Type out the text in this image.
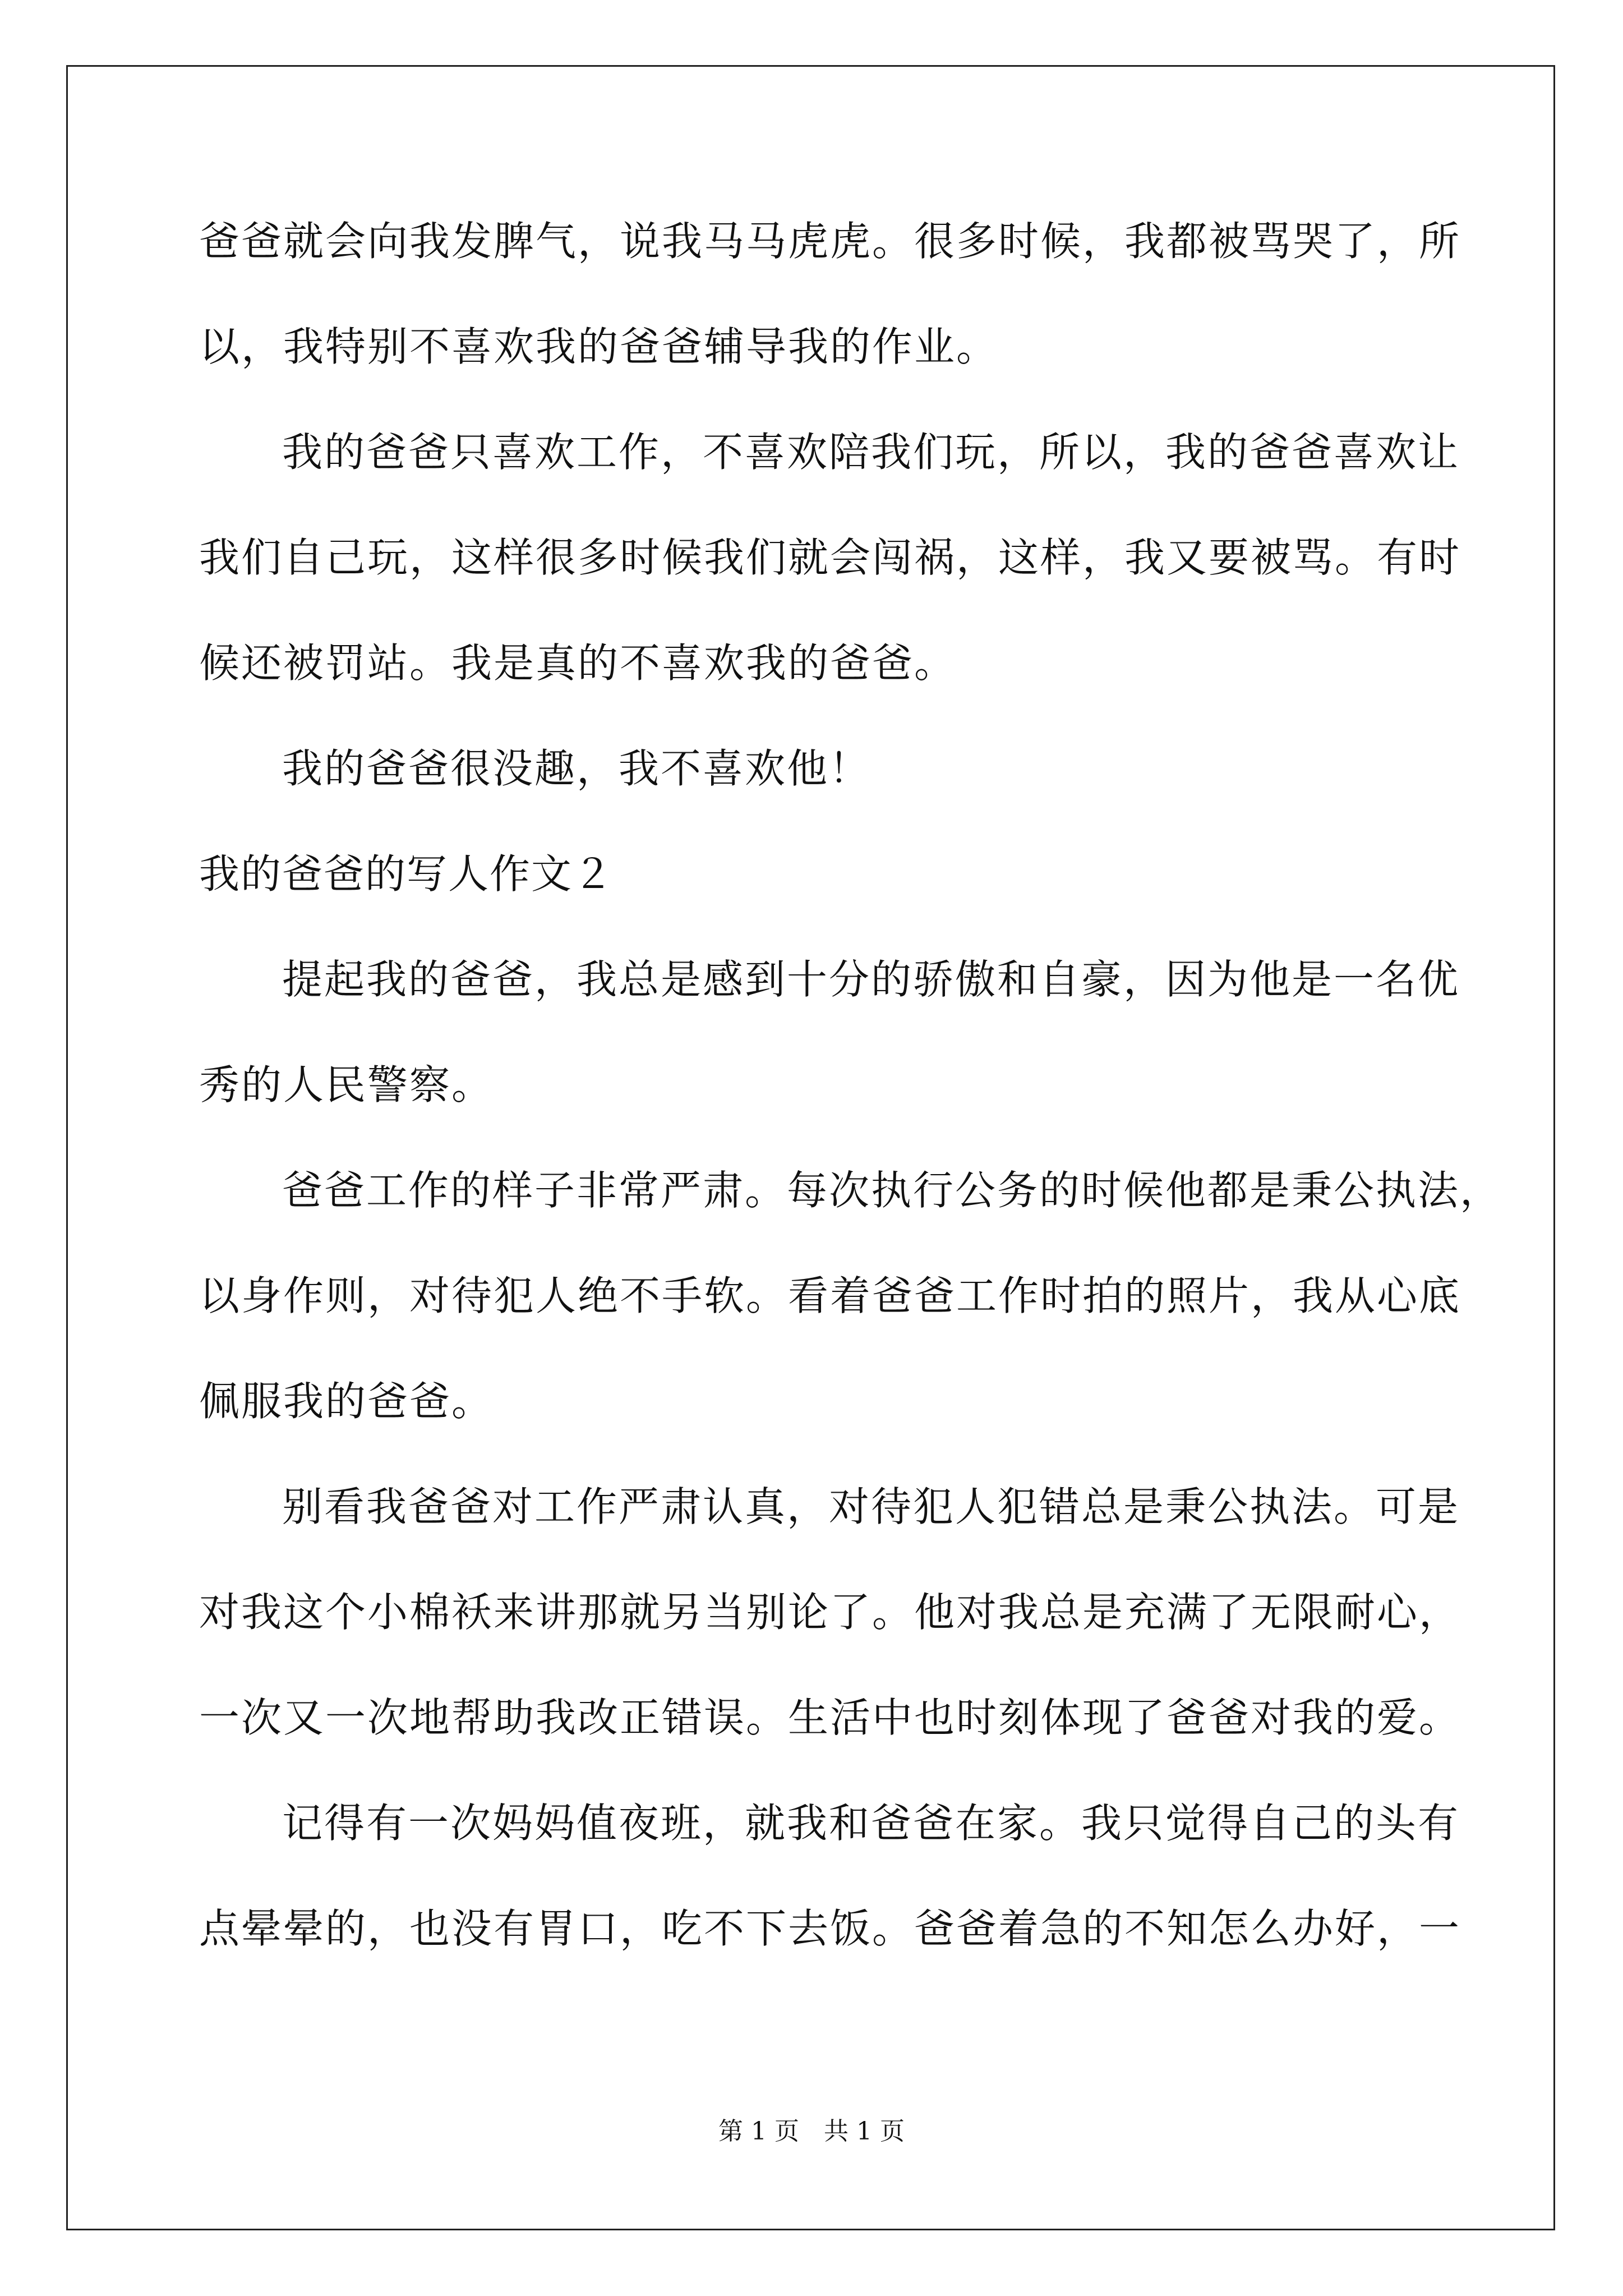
爸爸就会向我发脾气，说我马马虎虎。很多时候，我都被骂哭了，所
以，我特别不喜欢我的爸爸辅导我的作业。
我的爸爸只喜欢工作，不喜欢陪我们玩，所以，我的爸爸喜欢让
我们自己玩，这样很多时候我们就会闯祸，这样，我又要被骂。有时
候还被罚站。我是真的不喜欢我的爸爸。
我的爸爸很没趣，我不喜欢他！
我的爸爸的写人作文２
提起我的爸爸，我总是感到十分的骄傲和自豪，因为他是一名优
秀的人民警察。
爸爸工作的样子非常严肃。每次执行公务的时候他都是秉公执法，
以身作则，对待犯人绝不手软。看着爸爸工作时拍的照片，我从心底
佩服我的爸爸。
别看我爸爸对工作严肃认真，对待犯人犯错总是秉公执法。可是
对我这个小棉袄来讲那就另当别论了。他对我总是充满了无限耐心，
一次又一次地帮助我改正错误。生活中也时刻体现了爸爸对我的爱。
记得有一次妈妈值夜班，就我和爸爸在家。我只觉得自己的头有
点晕晕的，也没有胃口，吃不下去饭。爸爸着急的不知怎么办好，一
第 1 页　共 1 页
